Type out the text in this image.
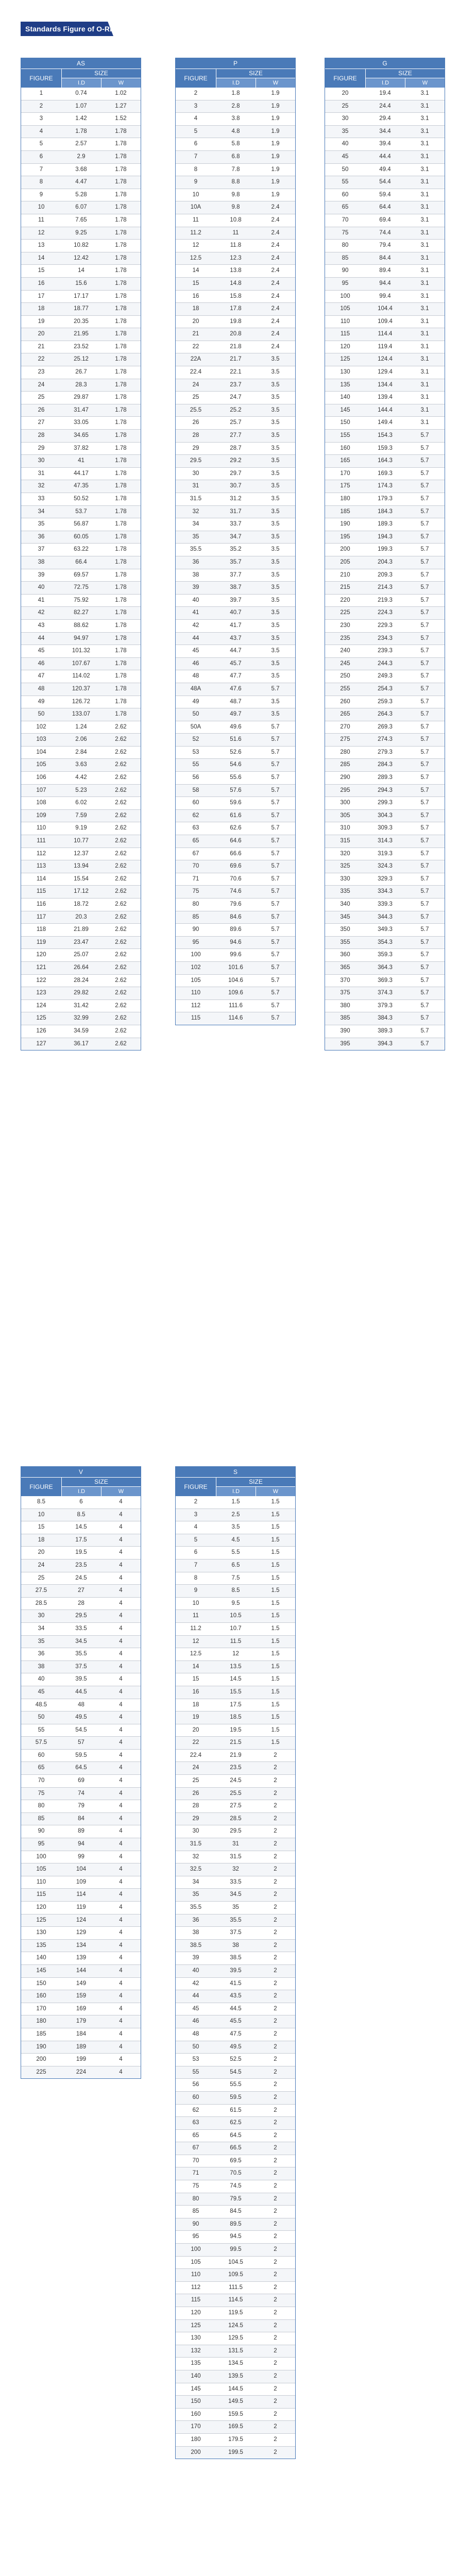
Standards Figure of O-Ring
AS
FIGURE
SIZE
I.D	W
1	0.74	1.02
2	1.07	1.27
3	1.42	1.52
4	1.78	1.78
5	2.57	1.78
6	2.9	1.78
7	3.68	1.78
8	4.47	1.78
9	5.28	1.78
10	6.07	1.78
11	7.65	1.78
12	9.25	1.78
13	10.82	1.78
14	12.42	1.78
15	14	1.78
16	15.6	1.78
17	17.17	1.78
18	18.77	1.78
19	20.35	1.78
20	21.95	1.78
21	23.52	1.78
22	25.12	1.78
23	26.7	1.78
24	28.3	1.78
25	29.87	1.78
26	31.47	1.78
27	33.05	1.78
28	34.65	1.78
29	37.82	1.78
30	41	1.78
31	44.17	1.78
32	47.35	1.78
33	50.52	1.78
34	53.7	1.78
35	56.87	1.78
36	60.05	1.78
37	63.22	1.78
38	66.4	1.78
39	69.57	1.78
40	72.75	1.78
41	75.92	1.78
42	82.27	1.78
43	88.62	1.78
44	94.97	1.78
45	101.32	1.78
46	107.67	1.78
47	114.02	1.78
48	120.37	1.78
49	126.72	1.78
50	133.07	1.78
102	1.24	2.62
103	2.06	2.62
104	2.84	2.62
105	3.63	2.62
106	4.42	2.62
107	5.23	2.62
108	6.02	2.62
109	7.59	2.62
110	9.19	2.62
111	10.77	2.62
112	12.37	2.62
113	13.94	2.62
114	15.54	2.62
115	17.12	2.62
116	18.72	2.62
117	20.3	2.62
118	21.89	2.62
119	23.47	2.62
120	25.07	2.62
121	26.64	2.62
122	28.24	2.62
123	29.82	2.62
124	31.42	2.62
125	32.99	2.62
126	34.59	2.62
127	36.17	2.62
P
FIGURE
SIZE
I.D	W
2	1.8	1.9
3	2.8	1.9
4	3.8	1.9
5	4.8	1.9
6	5.8	1.9
7	6.8	1.9
8	7.8	1.9
9	8.8	1.9
10	9.8	1.9
10A	9.8	2.4
11	10.8	2.4
11.2	11	2.4
12	11.8	2.4
12.5	12.3	2.4
14	13.8	2.4
15	14.8	2.4
16	15.8	2.4
18	17.8	2.4
20	19.8	2.4
21	20.8	2.4
22	21.8	2.4
22A	21.7	3.5
22.4	22.1	3.5
24	23.7	3.5
25	24.7	3.5
25.5	25.2	3.5
26	25.7	3.5
28	27.7	3.5
29	28.7	3.5
29.5	29.2	3.5
30	29.7	3.5
31	30.7	3.5
31.5	31.2	3.5
32	31.7	3.5
34	33.7	3.5
35	34.7	3.5
35.5	35.2	3.5
36	35.7	3.5
38	37.7	3.5
39	38.7	3.5
40	39.7	3.5
41	40.7	3.5
42	41.7	3.5
44	43.7	3.5
45	44.7	3.5
46	45.7	3.5
48	47.7	3.5
48A	47.6	5.7
49	48.7	3.5
50	49.7	3.5
50A	49.6	5.7
52	51.6	5.7
53	52.6	5.7
55	54.6	5.7
56	55.6	5.7
58	57.6	5.7
60	59.6	5.7
62	61.6	5.7
63	62.6	5.7
65	64.6	5.7
67	66.6	5.7
70	69.6	5.7
71	70.6	5.7
75	74.6	5.7
80	79.6	5.7
85	84.6	5.7
90	89.6	5.7
95	94.6	5.7
100	99.6	5.7
102	101.6	5.7
105	104.6	5.7
110	109.6	5.7
112	111.6	5.7
115	114.6	5.7
G
FIGURE
SIZE
I.D	W
20	19.4	3.1
25	24.4	3.1
30	29.4	3.1
35	34.4	3.1
40	39.4	3.1
45	44.4	3.1
50	49.4	3.1
55	54.4	3.1
60	59.4	3.1
65	64.4	3.1
70	69.4	3.1
75	74.4	3.1
80	79.4	3.1
85	84.4	3.1
90	89.4	3.1
95	94.4	3.1
100	99.4	3.1
105	104.4	3.1
110	109.4	3.1
115	114.4	3.1
120	119.4	3.1
125	124.4	3.1
130	129.4	3.1
135	134.4	3.1
140	139.4	3.1
145	144.4	3.1
150	149.4	3.1
155	154.3	5.7
160	159.3	5.7
165	164.3	5.7
170	169.3	5.7
175	174.3	5.7
180	179.3	5.7
185	184.3	5.7
190	189.3	5.7
195	194.3	5.7
200	199.3	5.7
205	204.3	5.7
210	209.3	5.7
215	214.3	5.7
220	219.3	5.7
225	224.3	5.7
230	229.3	5.7
235	234.3	5.7
240	239.3	5.7
245	244.3	5.7
250	249.3	5.7
255	254.3	5.7
260	259.3	5.7
265	264.3	5.7
270	269.3	5.7
275	274.3	5.7
280	279.3	5.7
285	284.3	5.7
290	289.3	5.7
295	294.3	5.7
300	299.3	5.7
305	304.3	5.7
310	309.3	5.7
315	314.3	5.7
320	319.3	5.7
325	324.3	5.7
330	329.3	5.7
335	334.3	5.7
340	339.3	5.7
345	344.3	5.7
350	349.3	5.7
355	354.3	5.7
360	359.3	5.7
365	364.3	5.7
370	369.3	5.7
375	374.3	5.7
380	379.3	5.7
385	384.3	5.7
390	389.3	5.7
395	394.3	5.7
V
FIGURE
SIZE
I.D	W
8.5	6	4
10	8.5	4
15	14.5	4
18	17.5	4
20	19.5	4
24	23.5	4
25	24.5	4
27.5	27	4
28.5	28	4
30	29.5	4
34	33.5	4
35	34.5	4
36	35.5	4
38	37.5	4
40	39.5	4
45	44.5	4
48.5	48	4
50	49.5	4
55	54.5	4
57.5	57	4
60	59.5	4
65	64.5	4
70	69	4
75	74	4
80	79	4
85	84	4
90	89	4
95	94	4
100	99	4
105	104	4
110	109	4
115	114	4
120	119	4
125	124	4
130	129	4
135	134	4
140	139	4
145	144	4
150	149	4
160	159	4
170	169	4
180	179	4
185	184	4
190	189	4
200	199	4
225	224	4
S
FIGURE
SIZE
I.D	W
2	1.5	1.5
3	2.5	1.5
4	3.5	1.5
5	4.5	1.5
6	5.5	1.5
7	6.5	1.5
8	7.5	1.5
9	8.5	1.5
10	9.5	1.5
11	10.5	1.5
11.2	10.7	1.5
12	11.5	1.5
12.5	12	1.5
14	13.5	1.5
15	14.5	1.5
16	15.5	1.5
18	17.5	1.5
19	18.5	1.5
20	19.5	1.5
22	21.5	1.5
22.4	21.9	2
24	23.5	2
25	24.5	2
26	25.5	2
28	27.5	2
29	28.5	2
30	29.5	2
31.5	31	2
32	31.5	2
32.5	32	2
34	33.5	2
35	34.5	2
35.5	35	2
36	35.5	2
38	37.5	2
38.5	38	2
39	38.5	2
40	39.5	2
42	41.5	2
44	43.5	2
45	44.5	2
46	45.5	2
48	47.5	2
50	49.5	2
53	52.5	2
55	54.5	2
56	55.5	2
60	59.5	2
62	61.5	2
63	62.5	2
65	64.5	2
67	66.5	2
70	69.5	2
71	70.5	2
75	74.5	2
80	79.5	2
85	84.5	2
90	89.5	2
95	94.5	2
100	99.5	2
105	104.5	2
110	109.5	2
112	111.5	2
115	114.5	2
120	119.5	2
125	124.5	2
130	129.5	2
132	131.5	2
135	134.5	2
140	139.5	2
145	144.5	2
150	149.5	2
160	159.5	2
170	169.5	2
180	179.5	2
200	199.5	2
